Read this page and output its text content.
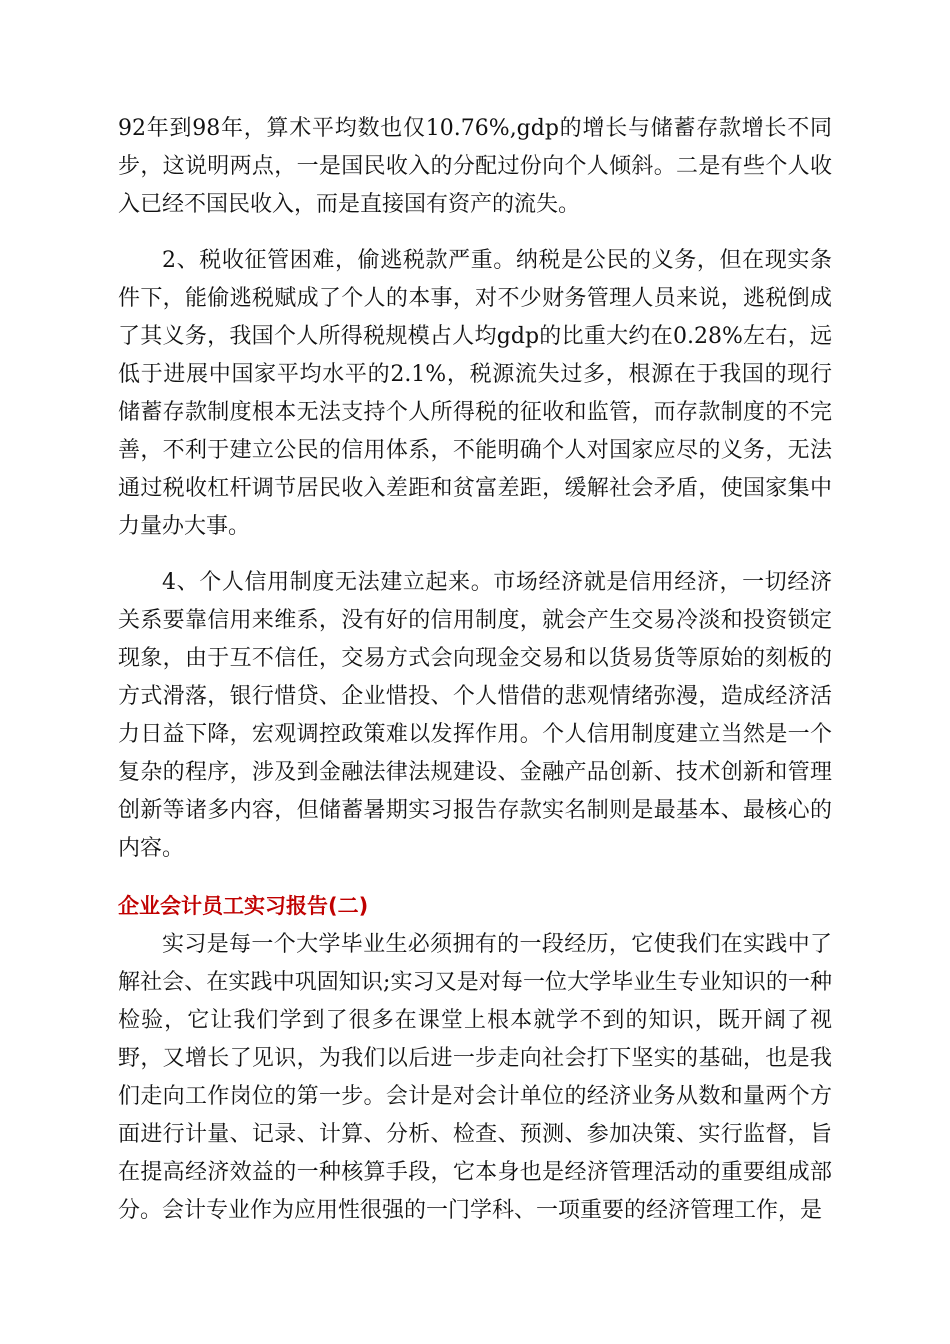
92年到98年，算术平均数也仅10.76%,gdp的增长与储蓄存款增长不同步，这说明两点，一是国民收入的分配过份向个人倾斜。二是有些个人收入已经不国民收入，而是直接国有资产的流失。

2、税收征管困难，偷逃税款严重。纳税是公民的义务，但在现实条件下，能偷逃税赋成了个人的本事，对不少财务管理人员来说，逃税倒成了其义务，我国个人所得税规模占人均gdp的比重大约在0.28%左右，远低于进展中国家平均水平的2.1%，税源流失过多，根源在于我国的现行储蓄存款制度根本无法支持个人所得税的征收和监管，而存款制度的不完善，不利于建立公民的信用体系，不能明确个人对国家应尽的义务，无法通过税收杠杆调节居民收入差距和贫富差距，缓解社会矛盾，使国家集中力量办大事。

4、个人信用制度无法建立起来。市场经济就是信用经济，一切经济关系要靠信用来维系，没有好的信用制度，就会产生交易冷淡和投资锁定现象，由于互不信任，交易方式会向现金交易和以货易货等原始的刻板的方式滑落，银行惜贷、企业惜投、个人惜借的悲观情绪弥漫，造成经济活力日益下降，宏观调控政策难以发挥作用。个人信用制度建立当然是一个复杂的程序，涉及到金融法律法规建设、金融产品创新、技术创新和管理创新等诸多内容，但储蓄暑期实习报告存款实名制则是最基本、最核心的内容。

企业会计员工实习报告(二)

实习是每一个大学毕业生必须拥有的一段经历，它使我们在实践中了解社会、在实践中巩固知识;实习又是对每一位大学毕业生专业知识的一种检验，它让我们学到了很多在课堂上根本就学不到的知识，既开阔了视野，又增长了见识，为我们以后进一步走向社会打下坚实的基础，也是我们走向工作岗位的第一步。会计是对会计单位的经济业务从数和量两个方面进行计量、记录、计算、分析、检查、预测、参加决策、实行监督，旨在提高经济效益的一种核算手段，它本身也是经济管理活动的重要组成部分。会计专业作为应用性很强的一门学科、一项重要的经济管理工作，是
